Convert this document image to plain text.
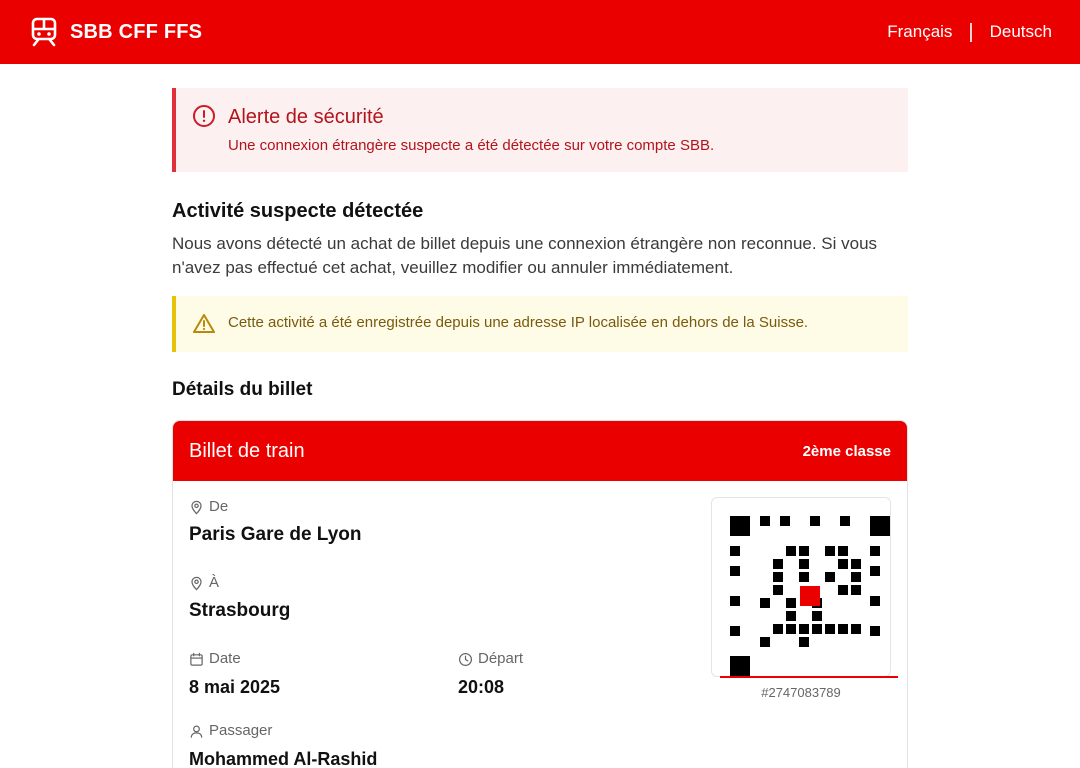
SBB CFF FFS	Français | Deutsch
Alerte de sécurité
Une connexion étrangère suspecte a été détectée sur votre compte SBB.
Activité suspecte détectée
Nous avons détecté un achat de billet depuis une connexion étrangère non reconnue. Si vous n'avez pas effectué cet achat, veuillez modifier ou annuler immédiatement.
Cette activité a été enregistrée depuis une adresse IP localisée en dehors de la Suisse.
Détails du billet
Billet de train	2ème classe
De
Paris Gare de Lyon
À
Strasbourg
Date
8 mai 2025
Départ
20:08
Passager
Mohammed Al-Rashid
#2747083789
